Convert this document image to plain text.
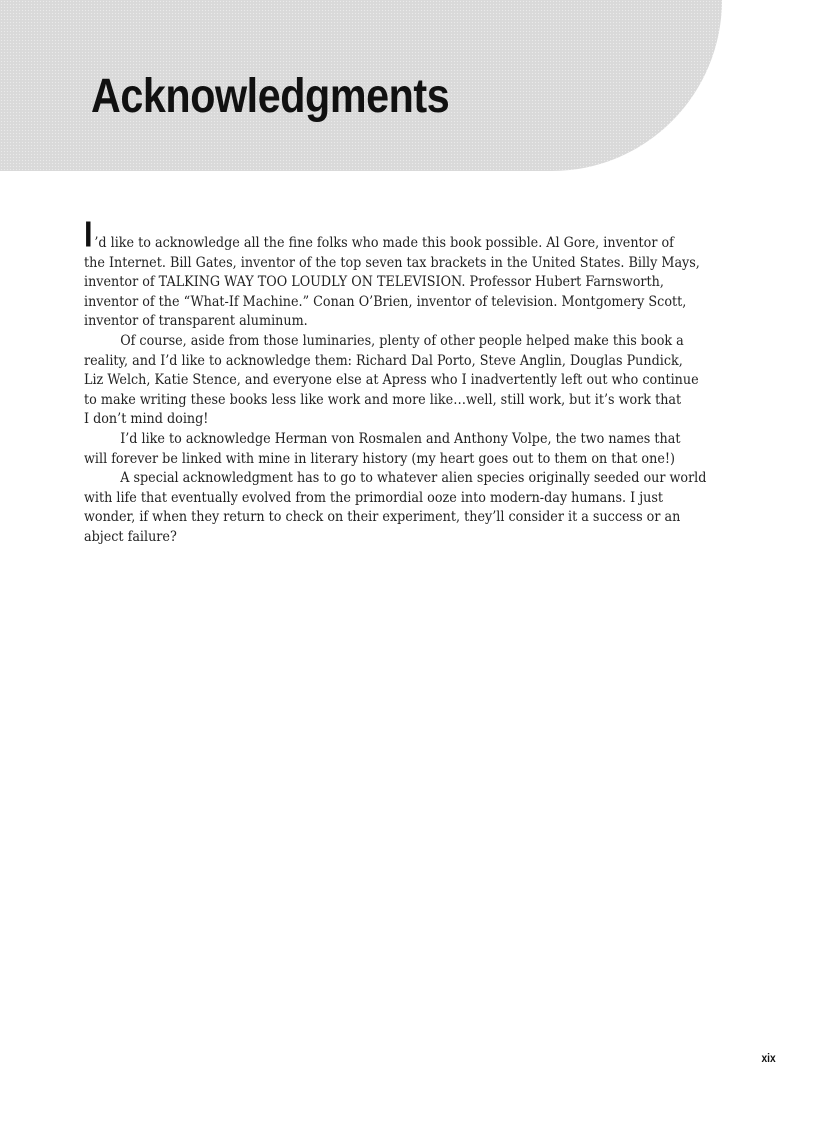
Acknowledgments

I ’d like to acknowledge all the fine folks who made this book possible. Al Gore, inventor of

the Internet. Bill Gates, inventor of the top seven tax brackets in the United States. Billy Mays,

inventor of TALKING WAY TOO LOUDLY ON TELEVISION. Professor Hubert Farnsworth,

inventor of the “What-If Machine.” Conan O’Brien, inventor of television. Montgomery Scott,

inventor of transparent aluminum.

Of course, aside from those luminaries, plenty of other people helped make this book a

reality, and I’d like to acknowledge them: Richard Dal Porto, Steve Anglin, Douglas Pundick,

Liz Welch, Katie Stence, and everyone else at Apress who I inadvertently left out who continue

to make writing these books less like work and more like…well, still work, but it’s work that

I don’t mind doing!

I’d like to acknowledge Herman von Rosmalen and Anthony Volpe, the two names that

will forever be linked with mine in literary history (my heart goes out to them on that one!)

A special acknowledgment has to go to whatever alien species originally seeded our world

with life that eventually evolved from the primordial ooze into modern-day humans. I just

wonder, if when they return to check on their experiment, they’ll consider it a success or an

abject failure?

xix
